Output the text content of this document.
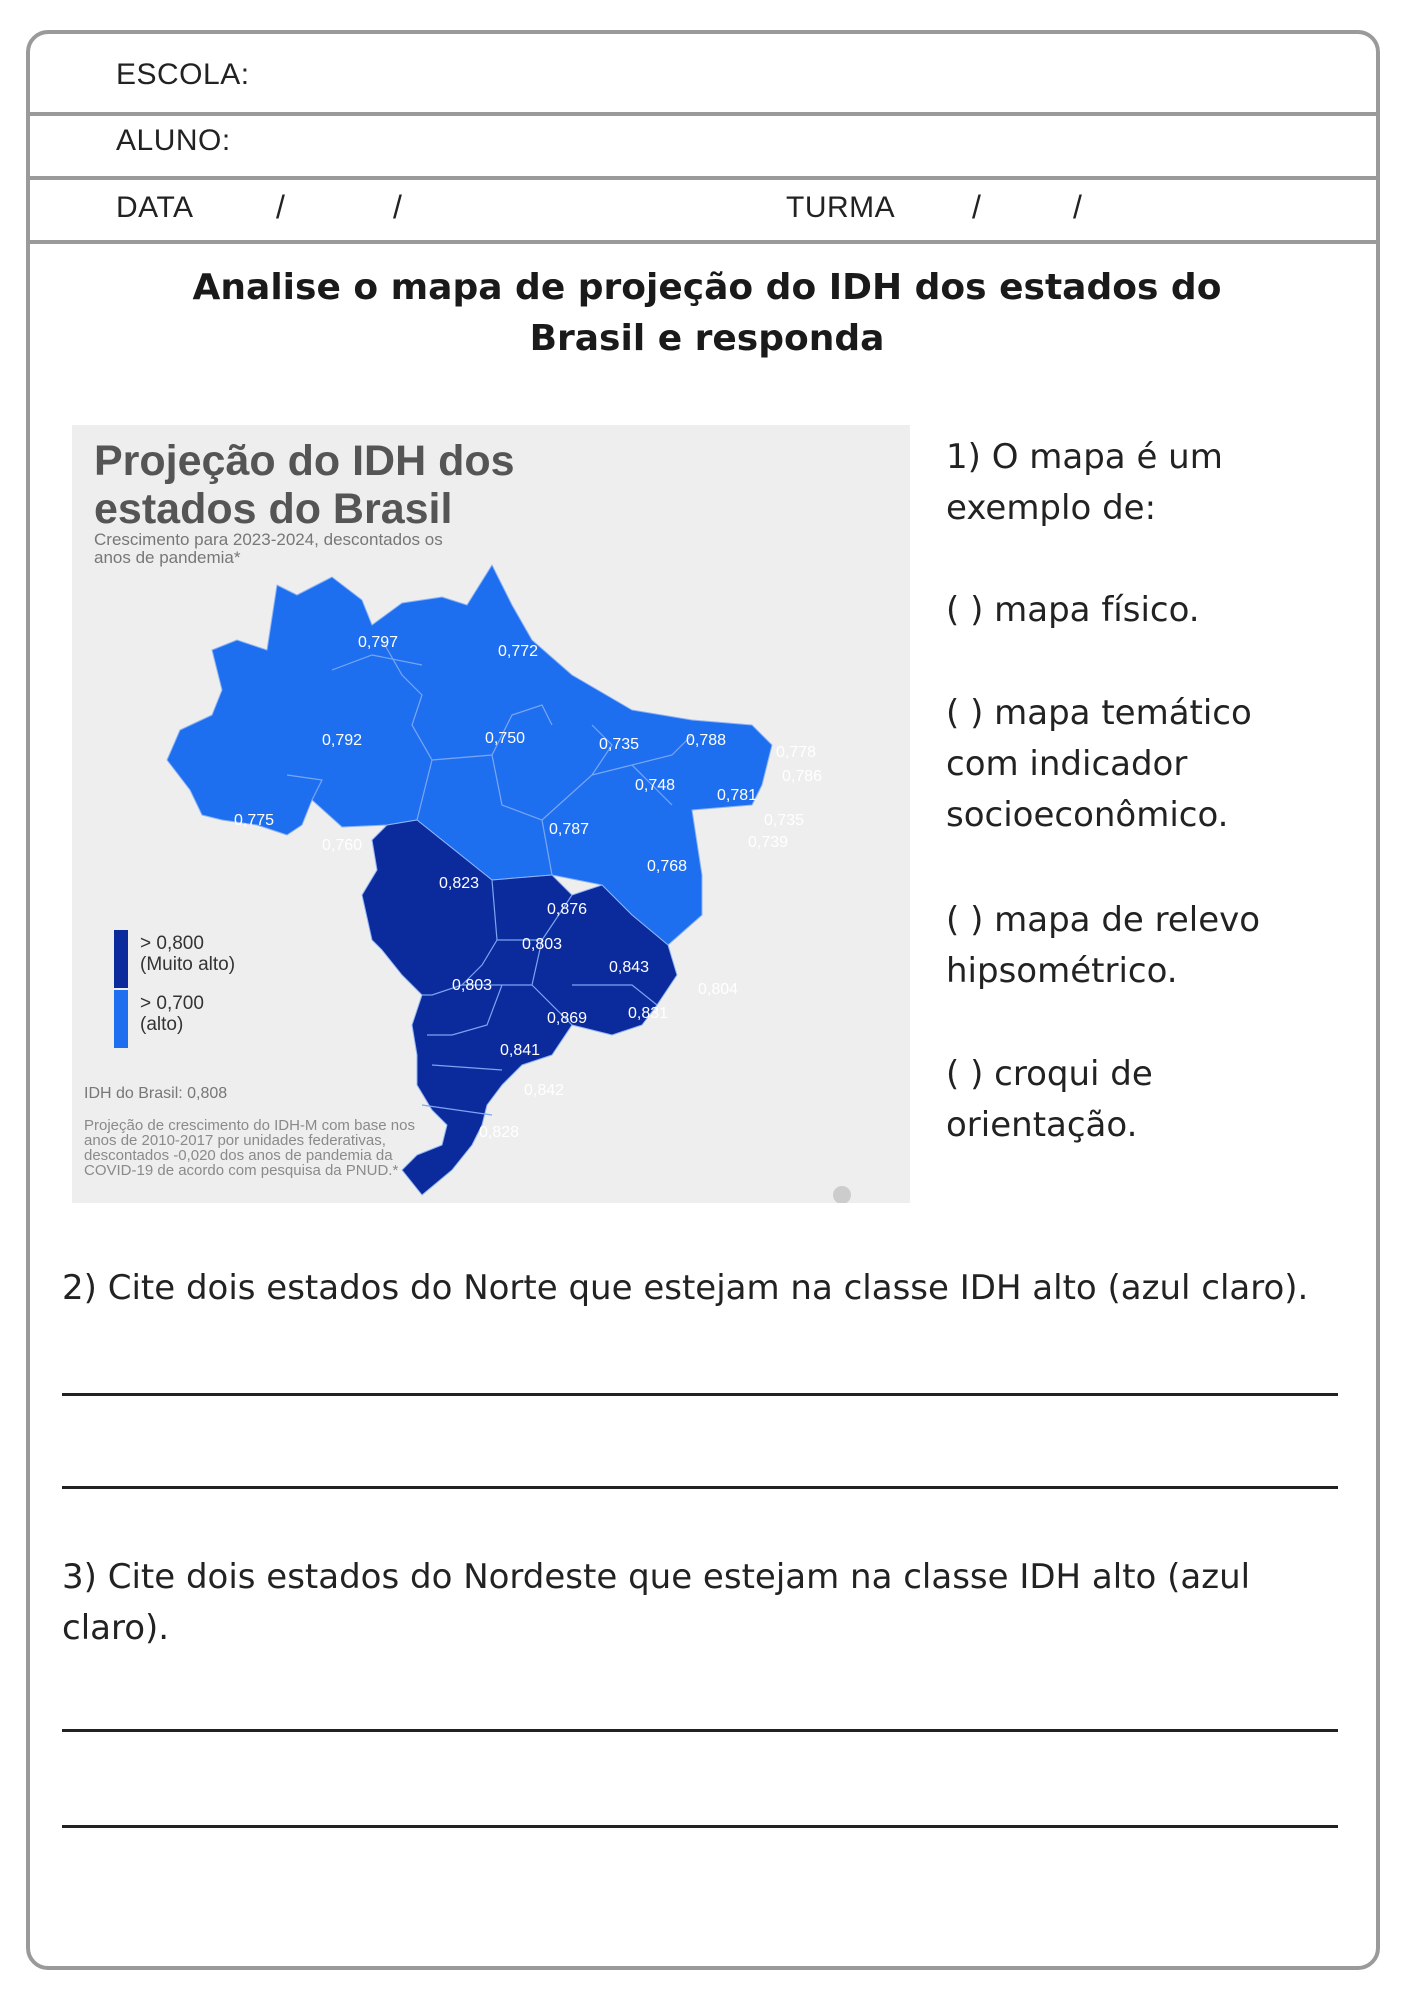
ESCOLA:
ALUNO:
DATA	/	/	TURMA /	/
Analise o mapa de projeção do IDH dos estados do
Brasil e responda
Projeção do IDH dos
estados do Brasil
Crescimento para 2023-2024, descontados os anos de pandemia*
0,797
0,772
0,792	0,750	0,735	0,788
0,778
0,786
0,748
0,781
0,735
0,739
0,775
0,760
0,787
0,768
0,823
0,876
0,803
0,843
0,804
0,803
0,869	0,831
0,841
0,842
0,828
> 0,800
(Muito alto)
> 0,700
(alto)
IDH do Brasil: 0,808
Projeção de crescimento do IDH-M com base nos anos de 2010-2017 por unidades federativas, descontados -0,020 dos anos de pandemia da COVID-19 de acordo com pesquisa da PNUD.*
1) O mapa é um
exemplo de:
( ) mapa físico.
( ) mapa temático
com indicador
socioeconômico.
( ) mapa de relevo
hipsométrico.
( ) croqui de
orientação.
2) Cite dois estados do Norte que estejam na classe IDH alto (azul claro).
3) Cite dois estados do Nordeste que estejam na classe IDH alto (azul
claro).
